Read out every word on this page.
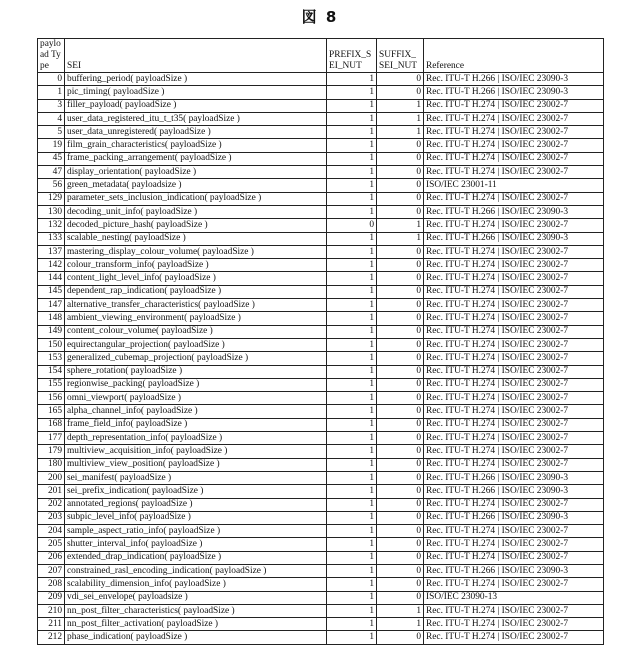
図 8
payload Type	SEI	PREFIX_S EI_NUT	SUFFIX_ SEI_NUT	Reference
0	buffering_period( payloadSize )	1	0	Rec. ITU-T H.266 | ISO/IEC 23090-3
1	pic_timing( payloadSize )	1	0	Rec. ITU-T H.266 | ISO/IEC 23090-3
3	filler_payload( payloadSize )	1	1	Rec. ITU-T H.274 | ISO/IEC 23002-7
4	user_data_registered_itu_t_t35( payloadSize )	1	1	Rec. ITU-T H.274 | ISO/IEC 23002-7
5	user_data_unregistered( payloadSize )	1	1	Rec. ITU-T H.274 | ISO/IEC 23002-7
19	film_grain_characteristics( payloadSize )	1	0	Rec. ITU-T H.274 | ISO/IEC 23002-7
45	frame_packing_arrangement( payloadSize )	1	0	Rec. ITU-T H.274 | ISO/IEC 23002-7
47	display_orientation( payloadSize )	1	0	Rec. ITU-T H.274 | ISO/IEC 23002-7
56	green_metadata( payloadsize )	1	0	ISO/IEC 23001-11
129	parameter_sets_inclusion_indication( payloadSize )	1	0	Rec. ITU-T H.274 | ISO/IEC 23002-7
130	decoding_unit_info( payloadSize )	1	0	Rec. ITU-T H.266 | ISO/IEC 23090-3
132	decoded_picture_hash( payloadSize )	0	1	Rec. ITU-T H.274 | ISO/IEC 23002-7
133	scalable_nesting( payloadSize )	1	1	Rec. ITU-T H.266 | ISO/IEC 23090-3
137	mastering_display_colour_volume( payloadSize )	1	0	Rec. ITU-T H.274 | ISO/IEC 23002-7
142	colour_transform_info( payloadSize )	1	0	Rec. ITU-T H.274 | ISO/IEC 23002-7
144	content_light_level_info( payloadSize )	1	0	Rec. ITU-T H.274 | ISO/IEC 23002-7
145	dependent_rap_indication( payloadSize )	1	0	Rec. ITU-T H.274 | ISO/IEC 23002-7
147	alternative_transfer_characteristics( payloadSize )	1	0	Rec. ITU-T H.274 | ISO/IEC 23002-7
148	ambient_viewing_environment( payloadSize )	1	0	Rec. ITU-T H.274 | ISO/IEC 23002-7
149	content_colour_volume( payloadSize )	1	0	Rec. ITU-T H.274 | ISO/IEC 23002-7
150	equirectangular_projection( payloadSize )	1	0	Rec. ITU-T H.274 | ISO/IEC 23002-7
153	generalized_cubemap_projection( payloadSize )	1	0	Rec. ITU-T H.274 | ISO/IEC 23002-7
154	sphere_rotation( payloadSize )	1	0	Rec. ITU-T H.274 | ISO/IEC 23002-7
155	regionwise_packing( payloadSize )	1	0	Rec. ITU-T H.274 | ISO/IEC 23002-7
156	omni_viewport( payloadSize )	1	0	Rec. ITU-T H.274 | ISO/IEC 23002-7
165	alpha_channel_info( payloadSize )	1	0	Rec. ITU-T H.274 | ISO/IEC 23002-7
168	frame_field_info( payloadSize )	1	0	Rec. ITU-T H.274 | ISO/IEC 23002-7
177	depth_representation_info( payloadSize )	1	0	Rec. ITU-T H.274 | ISO/IEC 23002-7
179	multiview_acquisition_info( payloadSize )	1	0	Rec. ITU-T H.274 | ISO/IEC 23002-7
180	multiview_view_position( payloadSize )	1	0	Rec. ITU-T H.274 | ISO/IEC 23002-7
200	sei_manifest( payloadSize )	1	0	Rec. ITU-T H.266 | ISO/IEC 23090-3
201	sei_prefix_indication( payloadSize )	1	0	Rec. ITU-T H.266 | ISO/IEC 23090-3
202	annotated_regions( payloadSize )	1	0	Rec. ITU-T H.274 | ISO/IEC 23002-7
203	subpic_level_info( payloadSize )	1	0	Rec. ITU-T H.266 | ISO/IEC 23090-3
204	sample_aspect_ratio_info( payloadSize )	1	0	Rec. ITU-T H.274 | ISO/IEC 23002-7
205	shutter_interval_info( payloadSize )	1	0	Rec. ITU-T H.274 | ISO/IEC 23002-7
206	extended_drap_indication( payloadSize )	1	0	Rec. ITU-T H.274 | ISO/IEC 23002-7
207	constrained_rasl_encoding_indication( payloadSize )	1	0	Rec. ITU-T H.266 | ISO/IEC 23090-3
208	scalability_dimension_info( payloadSize )	1	0	Rec. ITU-T H.274 | ISO/IEC 23002-7
209	vdi_sei_envelope( payloadsize )	1	0	ISO/IEC 23090-13
210	nn_post_filter_characteristics( payloadSize )	1	1	Rec. ITU-T H.274 | ISO/IEC 23002-7
211	nn_post_filter_activation( payloadSize )	1	1	Rec. ITU-T H.274 | ISO/IEC 23002-7
212	phase_indication( payloadSize )	1	0	Rec. ITU-T H.274 | ISO/IEC 23002-7
